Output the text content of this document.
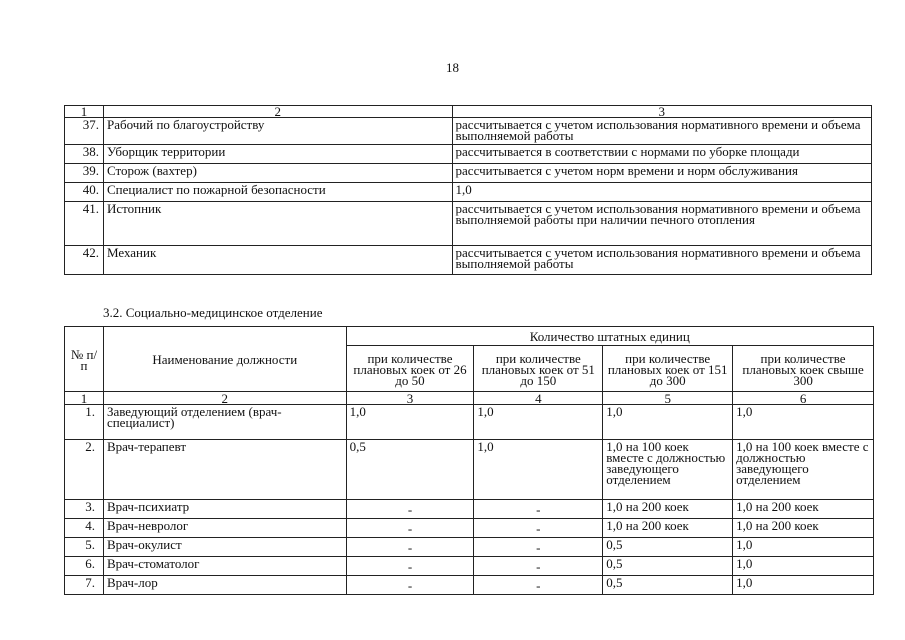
18
1	2	3
37.	Рабочий по благоустройству	рассчитывается с учетом использования нормативного времени и объема выполняемой работы
38.	Уборщик территории	рассчитывается в соответствии с нормами по уборке площади
39.	Сторож (вахтер)	рассчитывается с учетом норм времени и норм обслуживания
40.	Специалист по пожарной безопасности	1,0
41.	Истопник	рассчитывается с учетом использования нормативного времени и объема выполняемой работы при наличии печного отопления
42.	Механик	рассчитывается с учетом использования нормативного времени и объема выполняемой работы
3.2. Социально-медицинское отделение
№ п/п	Наименование должности	Количество штатных единиц			
		при количестве плановых коек от 26 до 50	при количестве плановых коек от 51 до 150	при количестве плановых коек от 151 до 300	при количестве плановых коек свыше 300
1	2	3	4	5	6
1.	Заведующий отделением (врач-специалист)	1,0	1,0	1,0	1,0
2.	Врач-терапевт	0,5	1,0	1,0 на 100 коек вместе с должностью заведующего отделением	1,0 на 100 коек вместе с должностью заведующего отделением
3.	Врач-психиатр	-	-	1,0 на 200 коек	1,0 на 200 коек
4.	Врач-невролог	-	-	1,0 на 200 коек	1,0 на 200 коек
5.	Врач-окулист	-	-	0,5	1,0
6.	Врач-стоматолог	-	-	0,5	1,0
7.	Врач-лор	-	-	0,5	1,0
